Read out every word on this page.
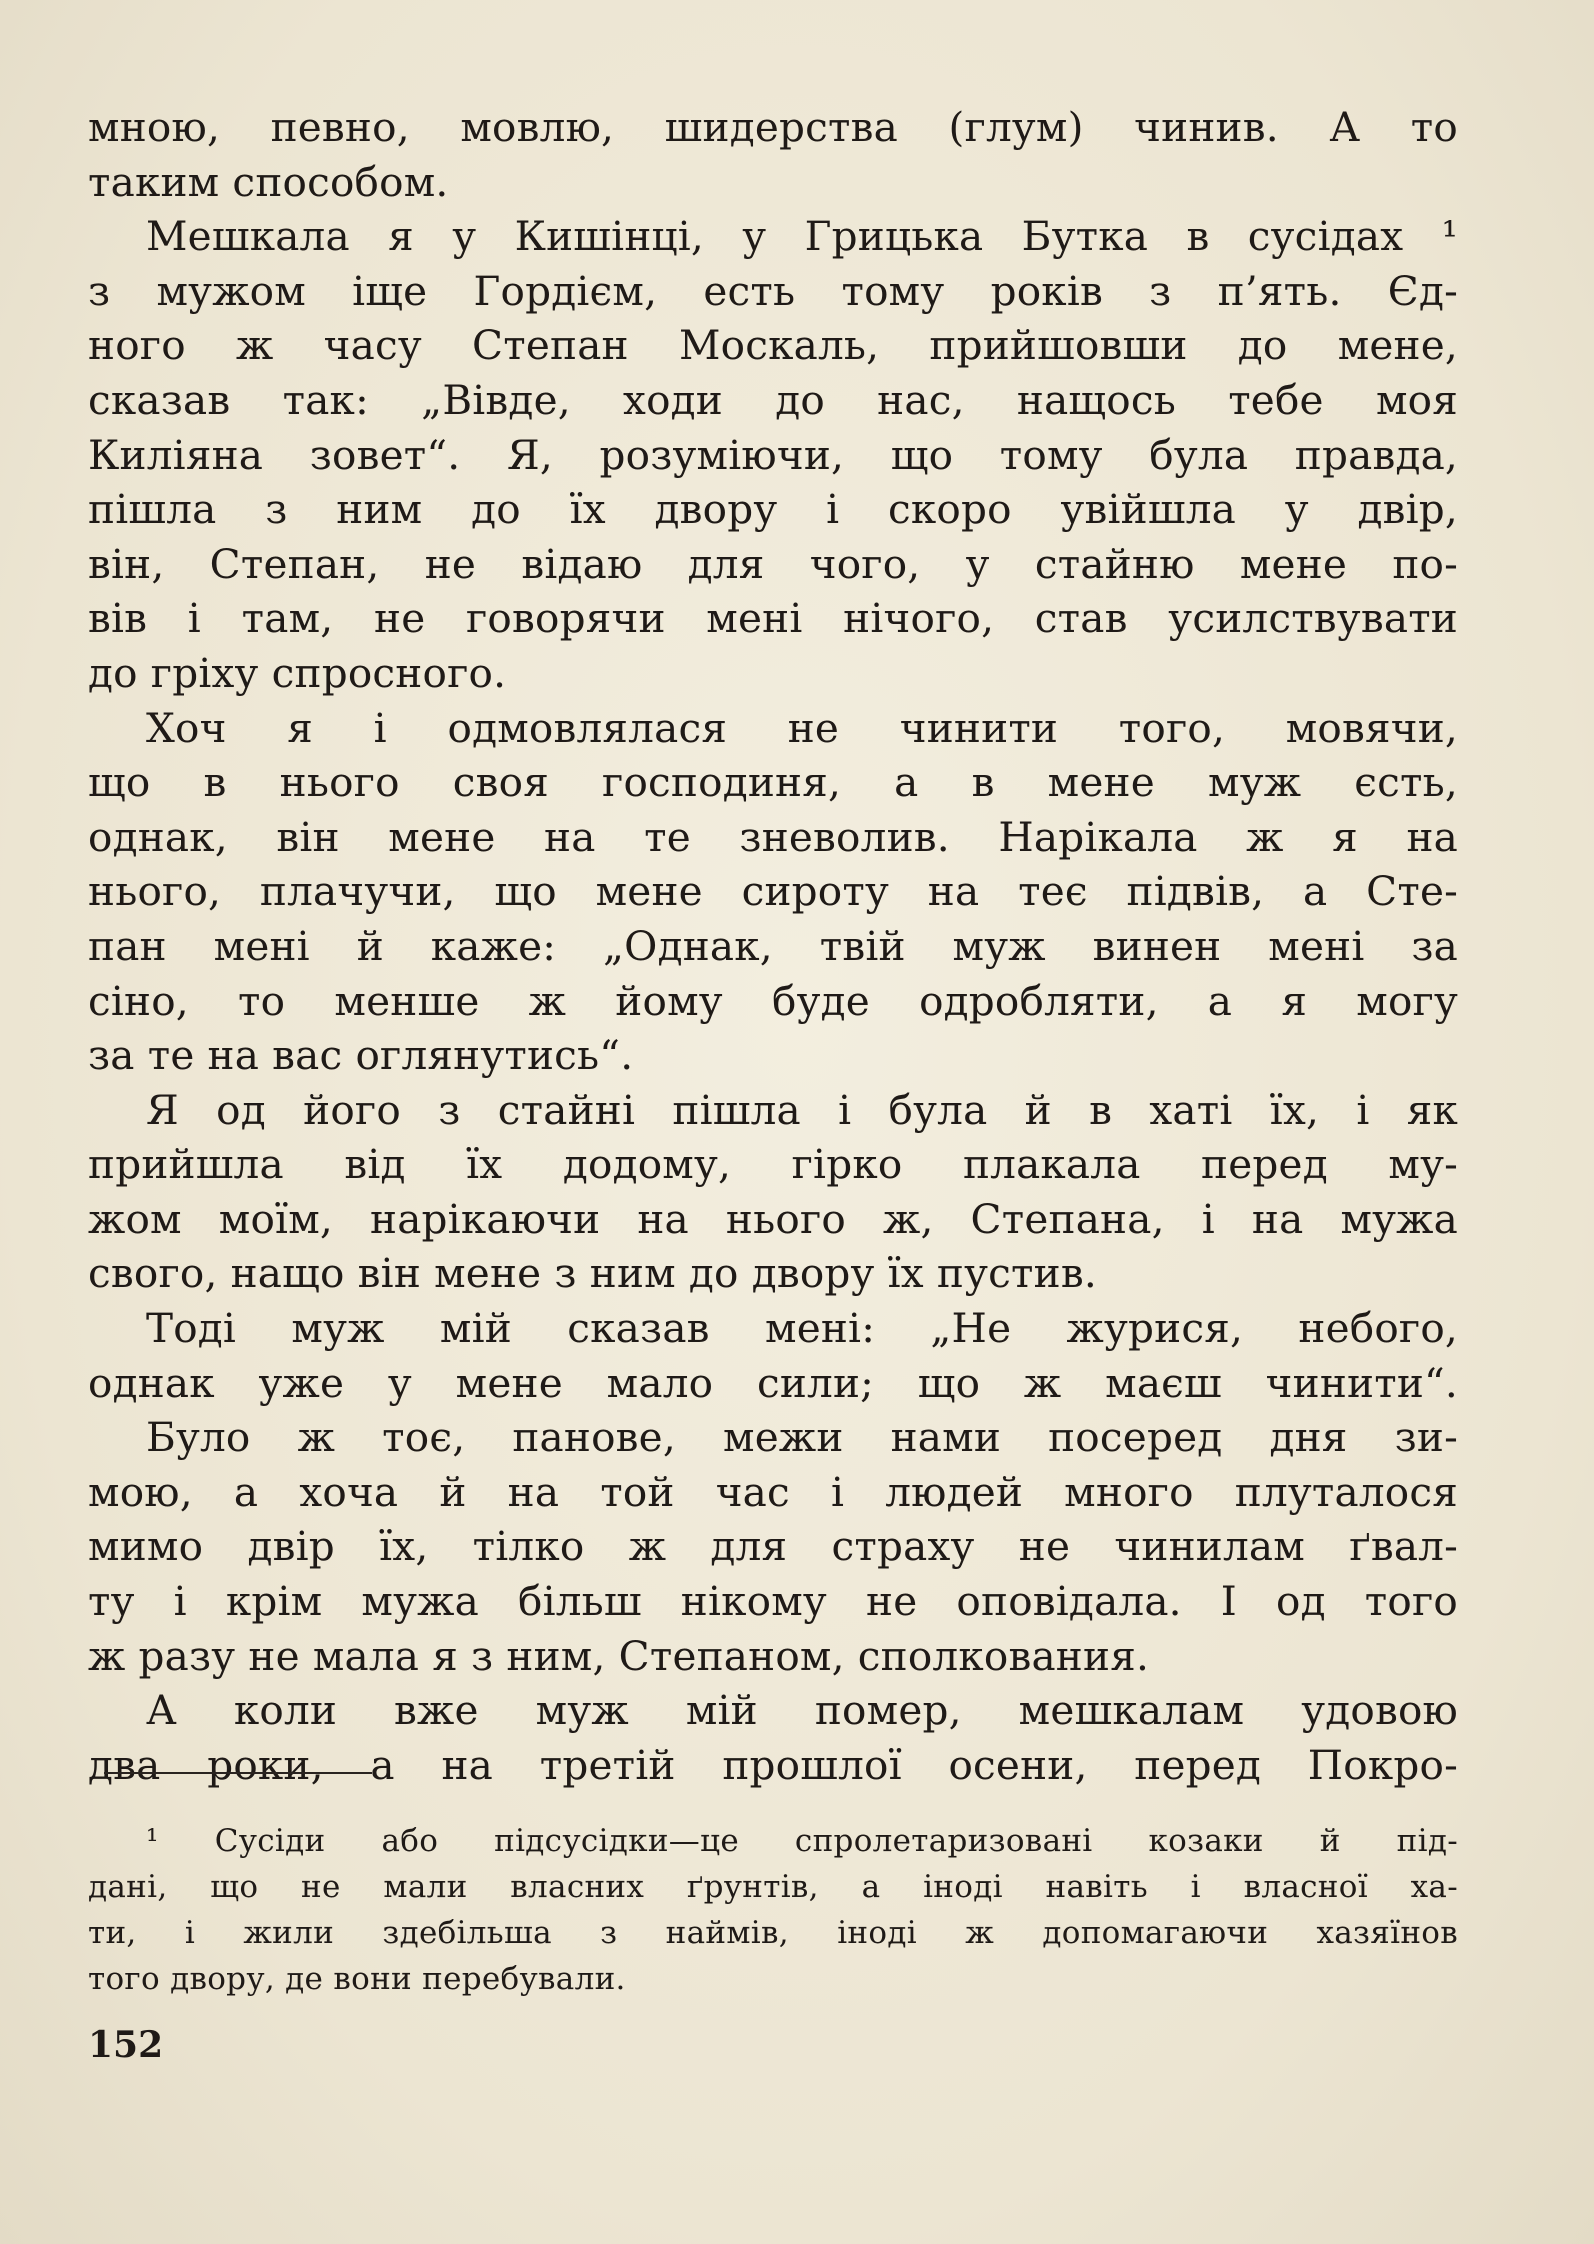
мною, певно, мовлю, шидерства (глум) чинив. А то
таким способом.
Мешкала я у Кишінці, у Грицька Бутка в сусідах ¹
з мужом іще Гордієм, есть тому років з п’ять. Єд-
ного ж часу Степан Москаль, прийшовши до мене,
сказав так: „Вівде, ходи до нас, нащось тебе моя
Киліяна зовет“. Я, розуміючи, що тому була правда,
пішла з ним до їх двору і скоро увійшла у двір,
він, Степан, не відаю для чого, у стайню мене по-
вів і там, не говорячи мені нічого, став усилствувати
до гріху спросного.
Хоч я і одмовлялася не чинити того, мовячи,
що в нього своя господиня, а в мене муж єсть,
однак, він мене на те зневолив. Нарікала ж я на
нього, плачучи, що мене сироту на теє підвів, а Сте-
пан мені й каже: „Однак, твій муж винен мені за
сіно, то менше ж йому буде одробляти, а я могу
за те на вас оглянутись“.
Я од його з стайні пішла і була й в хаті їх, і як
прийшла від їх додому, гірко плакала перед му-
жом моїм, нарікаючи на нього ж, Степана, і на мужа
свого, нащо він мене з ним до двору їх пустив.
Тоді муж мій сказав мені: „Не журися, небого,
однак уже у мене мало сили; що ж маєш чинити“.
Було ж тоє, панове, межи нами посеред дня зи-
мою, а хоча й на той час і людей много плуталося
мимо двір їх, тілко ж для страху не чинилам ґвал-
ту і крім мужа більш нікому не оповідала. І од того
ж разу не мала я з ним, Степаном, сполкования.
А коли вже муж мій помер, мешкалам удовою
два роки, а на третій прошлої осени, перед Покро-
¹ Сусіди або підсусідки—це спролетаризовані козаки й під-
дані, що не мали власних ґрунтів, а іноді навіть і власної ха-
ти, і жили здебільша з наймів, іноді ж допомагаючи хазяїнов
того двору, де вони перебували.
152
